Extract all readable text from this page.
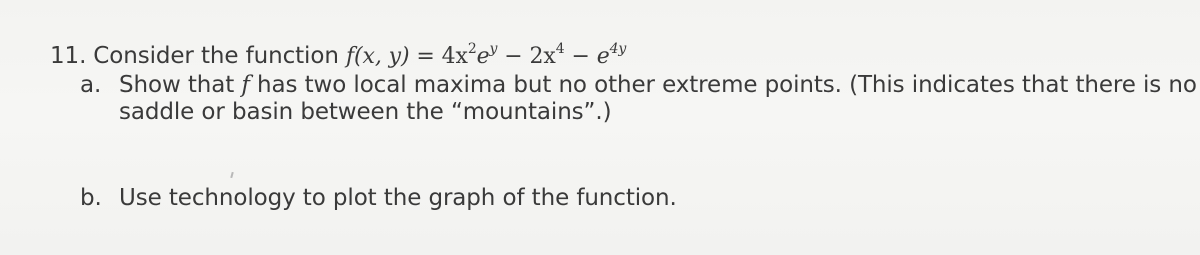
11. Consider the function f(x, $y) = 4x^2e^y - 2x^4 - e^{4y}$
a. Show that f has two local maxima but no other extreme points. (This indicates that there is no
saddle or basin between the “mountains”.)
b. Use technology to plot the graph of the function.
